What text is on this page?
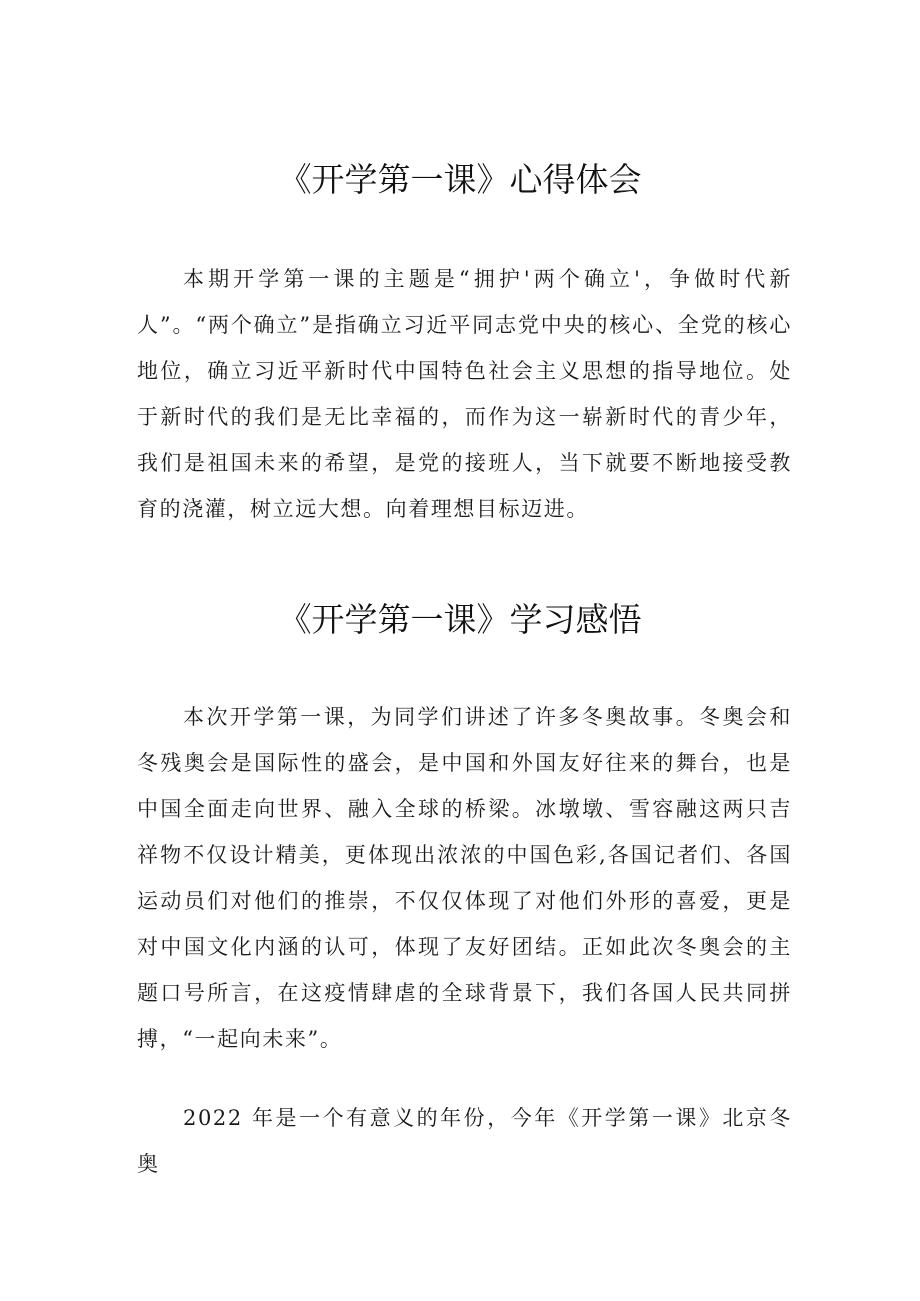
《开学第一课》心得体会

本期开学第一课的主题是“拥护'两个确立'，争做时代新人”。“两个确立”是指确立习近平同志党中央的核心、全党的核心地位，确立习近平新时代中国特色社会主义思想的指导地位。处于新时代的我们是无比幸福的，而作为这一崭新时代的青少年，我们是祖国未来的希望，是党的接班人，当下就要不断地接受教育的浇灌，树立远大想。向着理想目标迈进。

《开学第一课》学习感悟

本次开学第一课，为同学们讲述了许多冬奥故事。冬奥会和冬残奥会是国际性的盛会，是中国和外国友好往来的舞台，也是中国全面走向世界、融入全球的桥梁。冰墩墩、雪容融这两只吉祥物不仅设计精美，更体现出浓浓的中国色彩,各国记者们、各国运动员们对他们的推崇，不仅仅体现了对他们外形的喜爱，更是对中国文化内涵的认可，体现了友好团结。正如此次冬奥会的主题口号所言，在这疫情肆虐的全球背景下，我们各国人民共同拼搏，“一起向未来”。

2022 年是一个有意义的年份，今年《开学第一课》北京冬奥
